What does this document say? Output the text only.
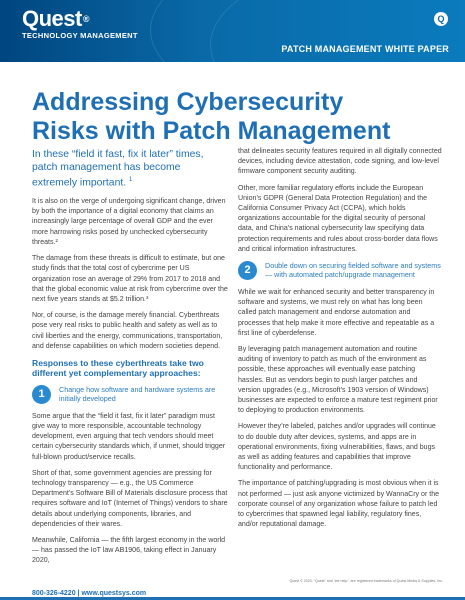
Quest®
TECHNOLOGY MANAGEMENT
Q
PATCH MANAGEMENT WHITE PAPER
Addressing Cybersecurity
Risks with Patch Management
In these “field it fast, fix it later” times, patch management has become extremely important. $^1$

It is also on the verge of undergoing significant change, driven by both the importance of a digital economy that claims an increasingly large percentage of overall GDP and the ever more harrowing risks posed by unchecked cybersecurity threats.²

The damage from these threats is difficult to estimate, but one study finds that the total cost of cybercrime per US organization rose an average of 29% from 2017 to 2018 and that the global economic value at risk from cybercrime over the next five years stands at $5.2 trillion.³

Nor, of course, is the damage merely financial. Cyberthreats pose very real risks to public health and safety as well as to civil liberties and the energy, communications, transportation, and defense capabilities on which modern societies depend.

Responses to these cyberthreats take two different yet complementary approaches:
1	Change how software and hardware systems are initially developed

Some argue that the “field it fast, fix it later” paradigm must give way to more responsible, accountable technology development, even arguing that tech vendors should meet certain cybersecurity standards which, if unmet, should trigger full-blown product/service recalls.

Short of that, some government agencies are pressing for technology transparency — e.g., the US Commerce Department’s Software Bill of Materials disclosure process that requires software and IoT (Internet of Things) vendors to share details about underlying components, libraries, and dependencies of their wares.

Meanwhile, California — the fifth largest economy in the world — has passed the IoT law AB1906, taking effect in January 2020,

that delineates security features required in all digitally connected devices, including device attestation, code signing, and low-level firmware component security auditing.

Other, more familiar regulatory efforts include the European Union’s GDPR (General Data Protection Regulation) and the California Consumer Privacy Act (CCPA), which holds organizations accountable for the digital security of personal data, and China’s national cybersecurity law specifying data protection requirements and rules about cross-border data flows and critical information infrastructures.

2	Double down on securing fielded software and systems — with automated patch/upgrade management

While we wait for enhanced security and better transparency in software and systems, we must rely on what has long been called patch management and endorse automation and processes that help make it more effective and repeatable as a first line of cyberdefense.

By leveraging patch management automation and routine auditing of inventory to patch as much of the environment as possible, these approaches will eventually ease patching hassles. But as vendors begin to push larger patches and version upgrades (e.g., Microsoft’s 1903 version of Windows) businesses are expected to enforce a mature test regiment prior to deploying to production environments.

However they’re labeled, patches and/or upgrades will continue to do double duty after devices, systems, and apps are in operational environments, fixing vulnerabilities, flaws, and bugs as well as adding features and capabilities that improve functionality and performance.

The importance of patching/upgrading is most obvious when it is not performed — just ask anyone victimized by WannaCry or the corporate counsel of any organization whose failure to patch led to cybercrimes that spawned legal liability, regulatory fines, and/or reputational damage.

Quest © 2020. “Quest” and “we help.” are registered trademarks of Quest Media & Supplies, Inc.
800-326-4220 | www.questsys.com
